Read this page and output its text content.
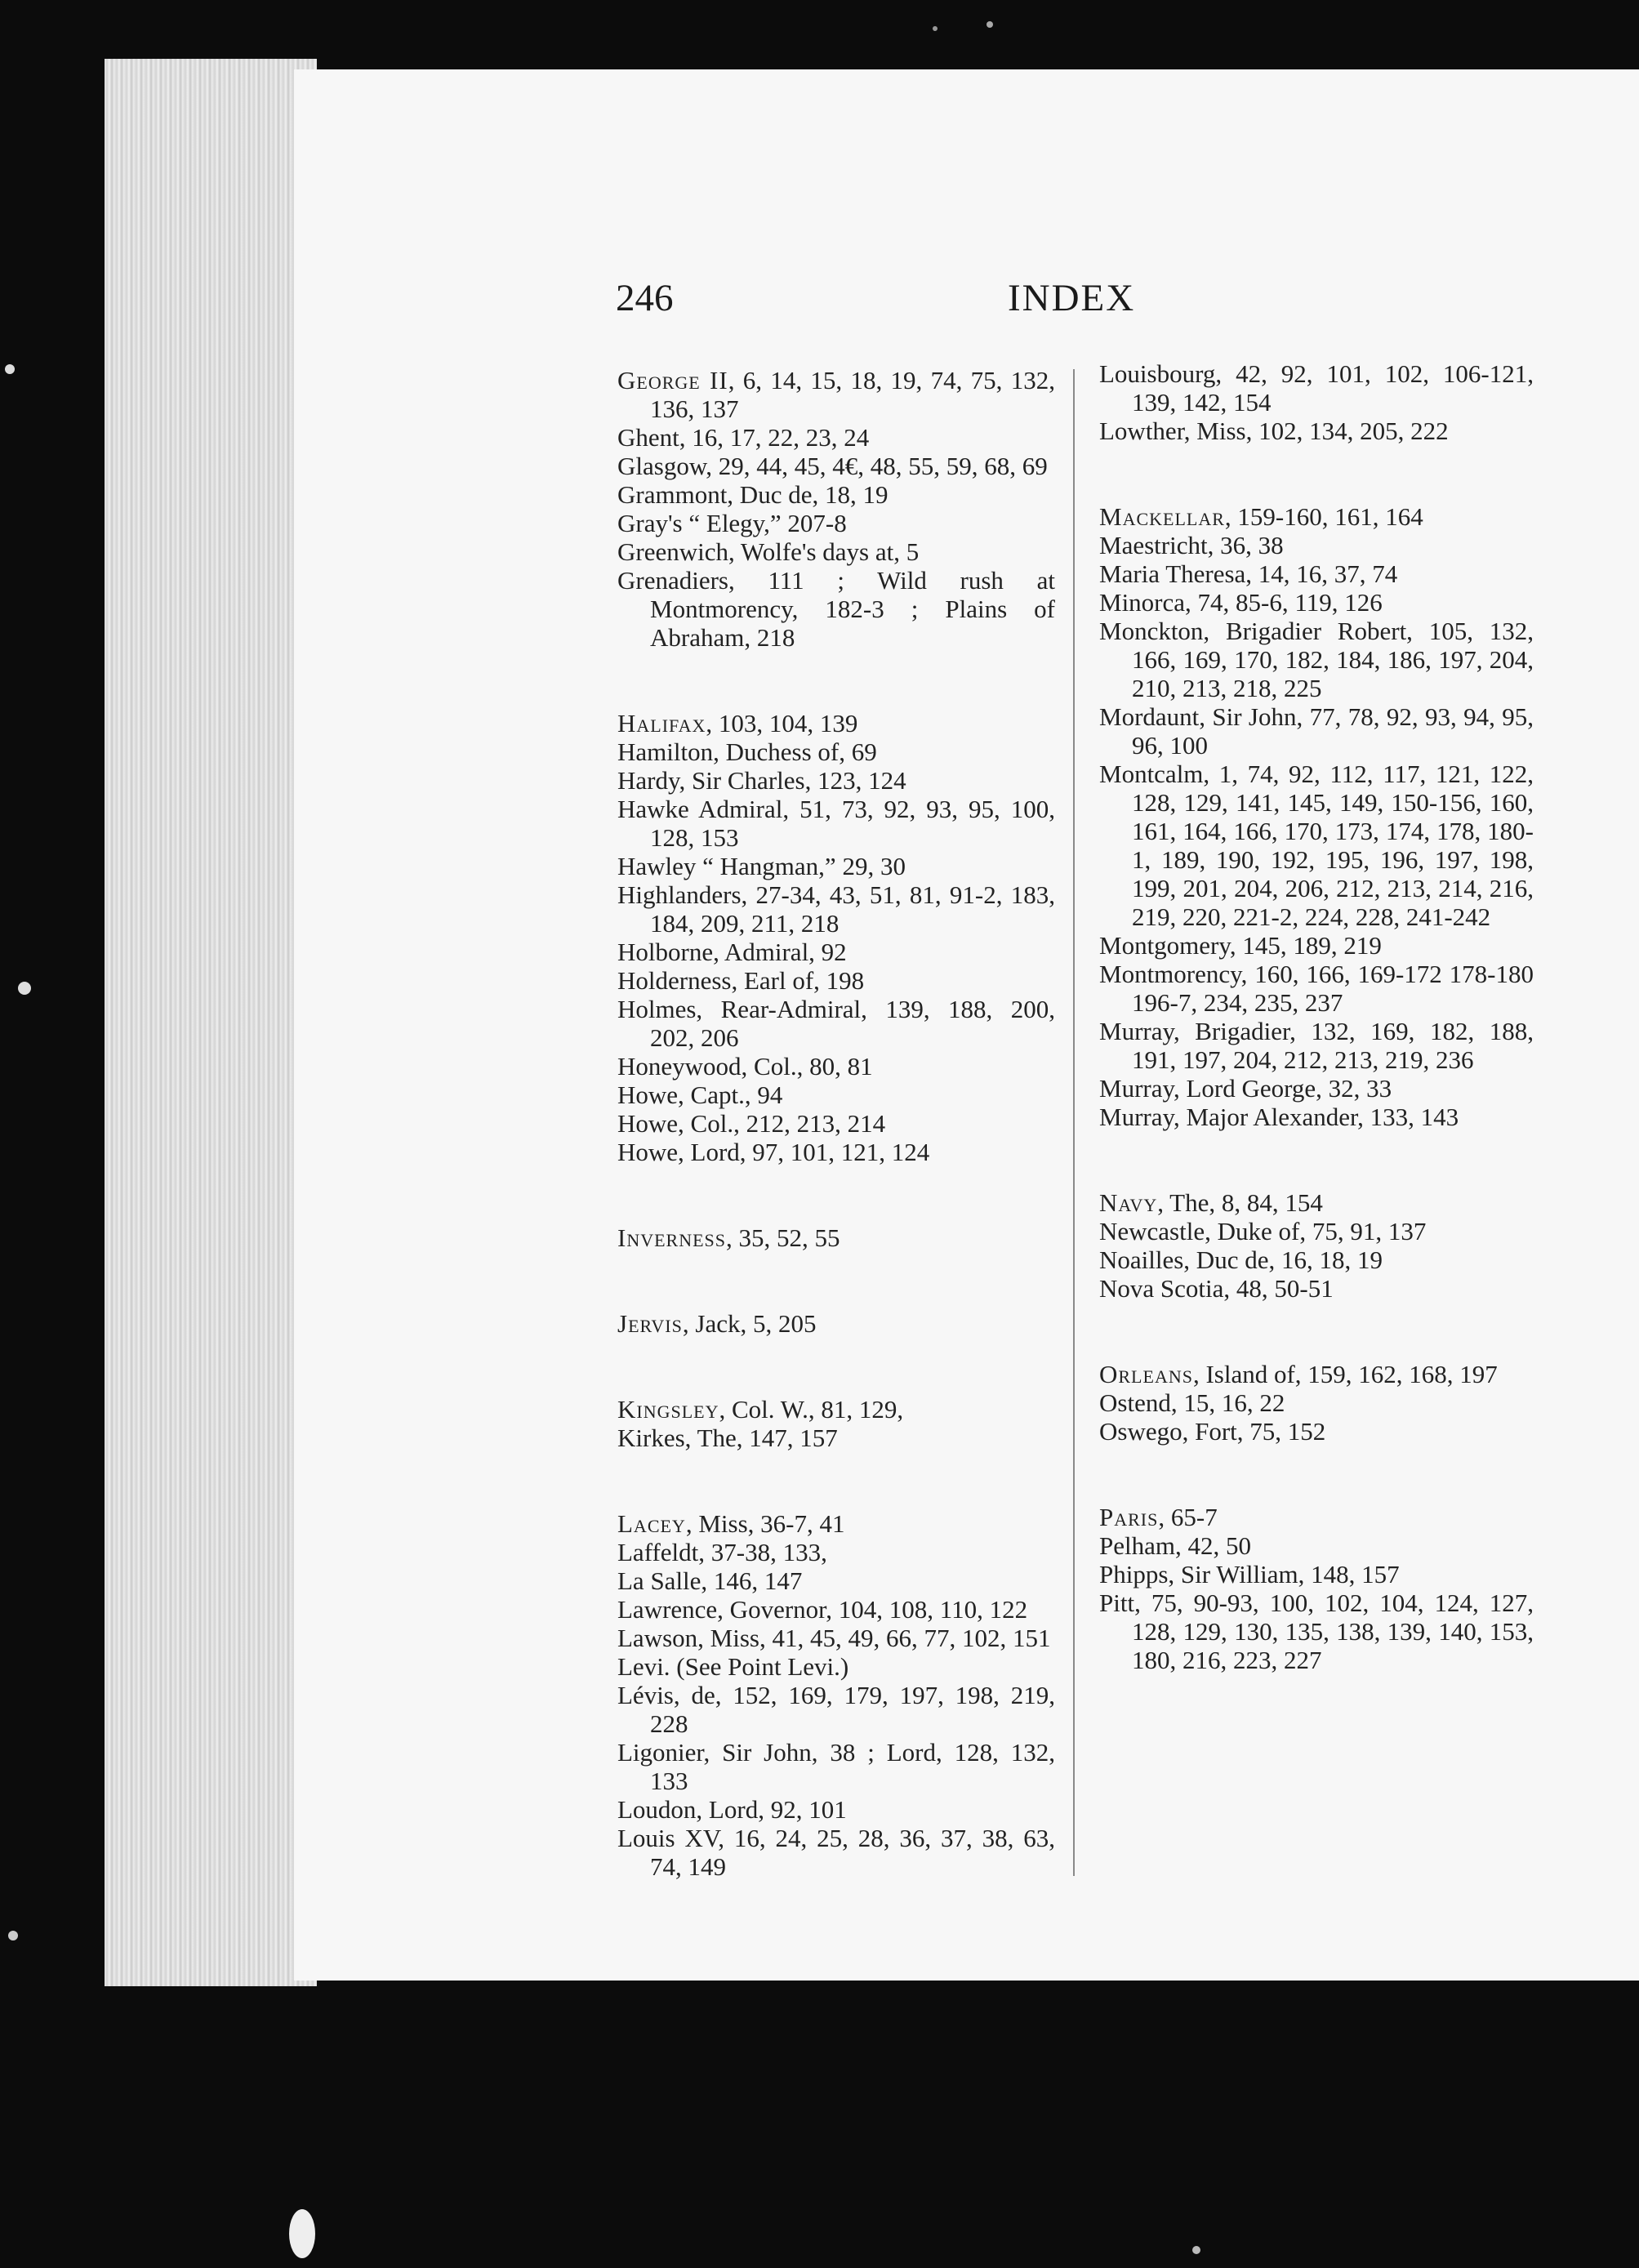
246	INDEX
George II, 6, 14, 15, 18, 19, 74, 75, 132, 136, 137
Ghent, 16, 17, 22, 23, 24
Glasgow, 29, 44, 45, 4€, 48, 55, 59, 68, 69
Grammont, Duc de, 18, 19
Gray's “ Elegy,” 207-8
Greenwich, Wolfe's days at, 5
Grenadiers, 111 ; Wild rush at Montmorency, 182-3 ; Plains of Abraham, 218
Halifax, 103, 104, 139
Hamilton, Duchess of, 69
Hardy, Sir Charles, 123, 124
Hawke Admiral, 51, 73, 92, 93, 95, 100, 128, 153
Hawley “ Hangman,” 29, 30
Highlanders, 27-34, 43, 51, 81, 91-2, 183, 184, 209, 211, 218
Holborne, Admiral, 92
Holderness, Earl of, 198
Holmes, Rear-Admiral, 139, 188, 200, 202, 206
Honeywood, Col., 80, 81
Howe, Capt., 94
Howe, Col., 212, 213, 214
Howe, Lord, 97, 101, 121, 124
Inverness, 35, 52, 55
Jervis, Jack, 5, 205
Kingsley, Col. W., 81, 129,
Kirkes, The, 147, 157
Lacey, Miss, 36-7, 41
Laffeldt, 37-38, 133,
La Salle, 146, 147
Lawrence, Governor, 104, 108, 110, 122
Lawson, Miss, 41, 45, 49, 66, 77, 102, 151
Levi. (See Point Levi.)
Lévis, de, 152, 169, 179, 197, 198, 219, 228
Ligonier, Sir John, 38 ; Lord, 128, 132, 133
Loudon, Lord, 92, 101
Louis XV, 16, 24, 25, 28, 36, 37, 38, 63, 74, 149
Louisbourg, 42, 92, 101, 102, 106-121, 139, 142, 154
Lowther, Miss, 102, 134, 205, 222
Mackellar, 159-160, 161, 164
Maestricht, 36, 38
Maria Theresa, 14, 16, 37, 74
Minorca, 74, 85-6, 119, 126
Monckton, Brigadier Robert, 105, 132, 166, 169, 170, 182, 184, 186, 197, 204, 210, 213, 218, 225
Mordaunt, Sir John, 77, 78, 92, 93, 94, 95, 96, 100
Montcalm, 1, 74, 92, 112, 117, 121, 122, 128, 129, 141, 145, 149, 150-156, 160, 161, 164, 166, 170, 173, 174, 178, 180-1, 189, 190, 192, 195, 196, 197, 198, 199, 201, 204, 206, 212, 213, 214, 216, 219, 220, 221-2, 224, 228, 241-242
Montgomery, 145, 189, 219
Montmorency, 160, 166, 169-172 178-180 196-7, 234, 235, 237
Murray, Brigadier, 132, 169, 182, 188, 191, 197, 204, 212, 213, 219, 236
Murray, Lord George, 32, 33
Murray, Major Alexander, 133, 143
Navy, The, 8, 84, 154
Newcastle, Duke of, 75, 91, 137
Noailles, Duc de, 16, 18, 19
Nova Scotia, 48, 50-51
Orleans, Island of, 159, 162, 168, 197
Ostend, 15, 16, 22
Oswego, Fort, 75, 152
Paris, 65-7
Pelham, 42, 50
Phipps, Sir William, 148, 157
Pitt, 75, 90-93, 100, 102, 104, 124, 127, 128, 129, 130, 135, 138, 139, 140, 153, 180, 216, 223, 227
